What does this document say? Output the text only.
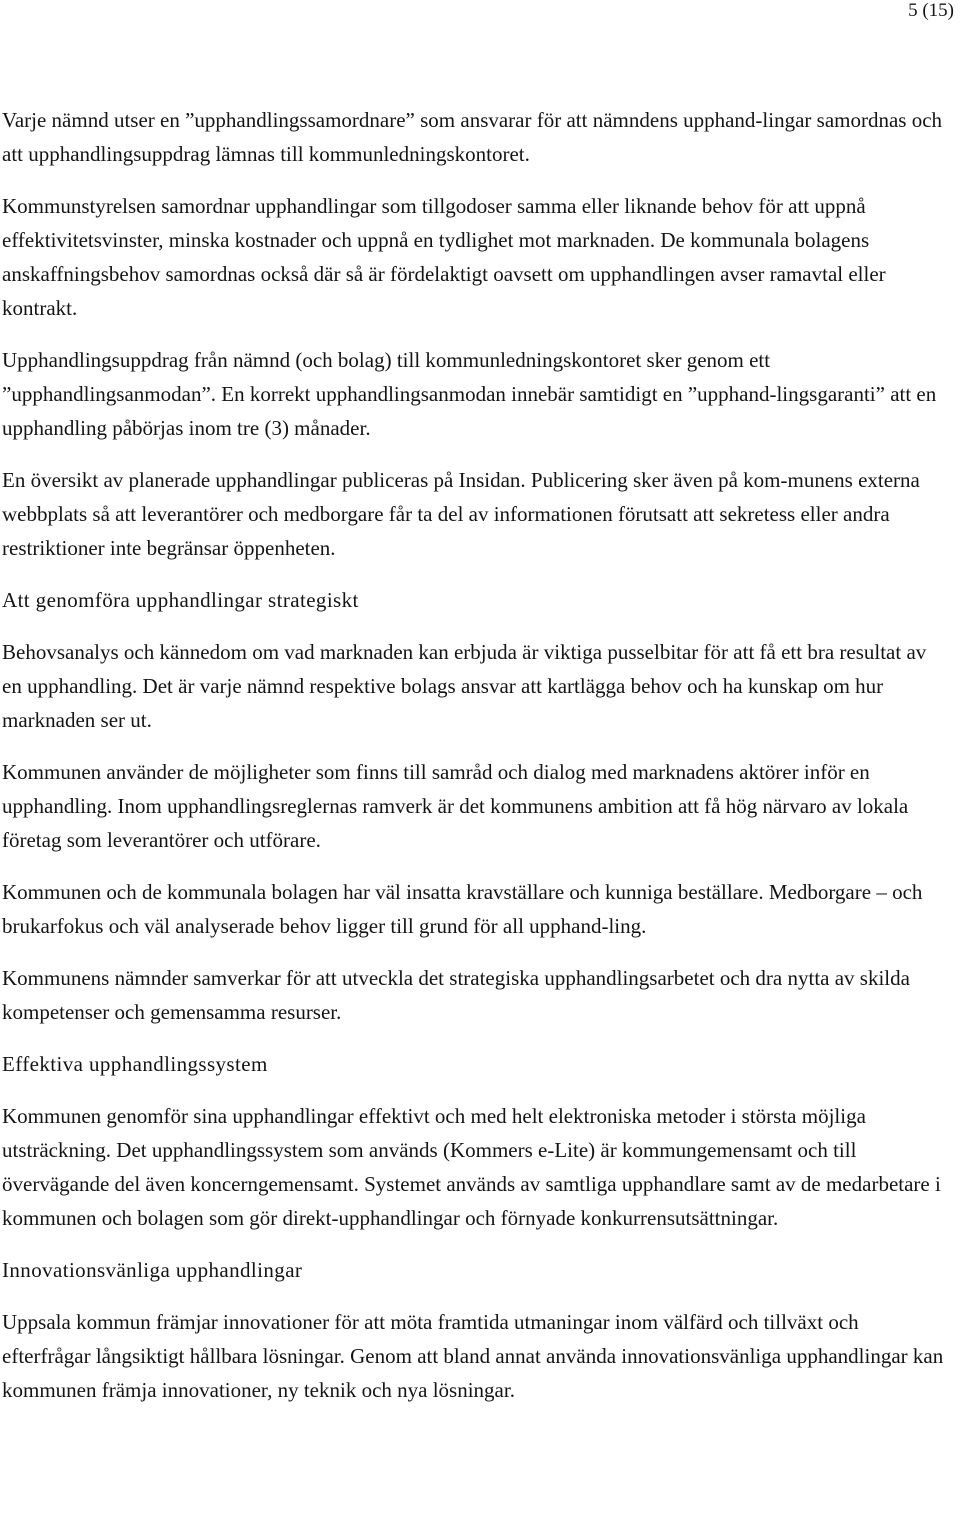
5 (15)

Varje nämnd utser en ”upphandlingssamordnare” som ansvarar för att nämndens upphand-lingar samordnas och att upphandlingsuppdrag lämnas till kommunledningskontoret.

Kommunstyrelsen samordnar upphandlingar som tillgodoser samma eller liknande behov för att uppnå effektivitetsvinster, minska kostnader och uppnå en tydlighet mot marknaden. De kommunala bolagens anskaffningsbehov samordnas också där så är fördelaktigt oavsett om upphandlingen avser ramavtal eller kontrakt.

Upphandlingsuppdrag från nämnd (och bolag) till kommunledningskontoret sker genom ett ”upphandlingsanmodan”. En korrekt upphandlingsanmodan innebär samtidigt en ”upphand-lingsgaranti” att en upphandling påbörjas inom tre (3) månader.

En översikt av planerade upphandlingar publiceras på Insidan. Publicering sker även på kom-munens externa webbplats så att leverantörer och medborgare får ta del av informationen förutsatt att sekretess eller andra restriktioner inte begränsar öppenheten.

Att genomföra upphandlingar strategiskt

Behovsanalys och kännedom om vad marknaden kan erbjuda är viktiga pusselbitar för att få ett bra resultat av en upphandling. Det är varje nämnd respektive bolags ansvar att kartlägga behov och ha kunskap om hur marknaden ser ut.

Kommunen använder de möjligheter som finns till samråd och dialog med marknadens aktörer inför en upphandling. Inom upphandlingsreglernas ramverk är det kommunens ambition att få hög närvaro av lokala företag som leverantörer och utförare.

Kommunen och de kommunala bolagen har väl insatta kravställare och kunniga beställare. Medborgare – och brukarfokus och väl analyserade behov ligger till grund för all upphand-ling.

Kommunens nämnder samverkar för att utveckla det strategiska upphandlingsarbetet och dra nytta av skilda kompetenser och gemensamma resurser.

Effektiva upphandlingssystem

Kommunen genomför sina upphandlingar effektivt och med helt elektroniska metoder i största möjliga utsträckning. Det upphandlingssystem som används (Kommers e-Lite) är kommungemensamt och till övervägande del även koncerngemensamt. Systemet används av samtliga upphandlare samt av de medarbetare i kommunen och bolagen som gör direkt-upphandlingar och förnyade konkurrensutsättningar.

Innovationsvänliga upphandlingar

Uppsala kommun främjar innovationer för att möta framtida utmaningar inom välfärd och tillväxt och efterfrågar långsiktigt hållbara lösningar. Genom att bland annat använda innovationsvänliga upphandlingar kan kommunen främja innovationer, ny teknik och nya lösningar.
